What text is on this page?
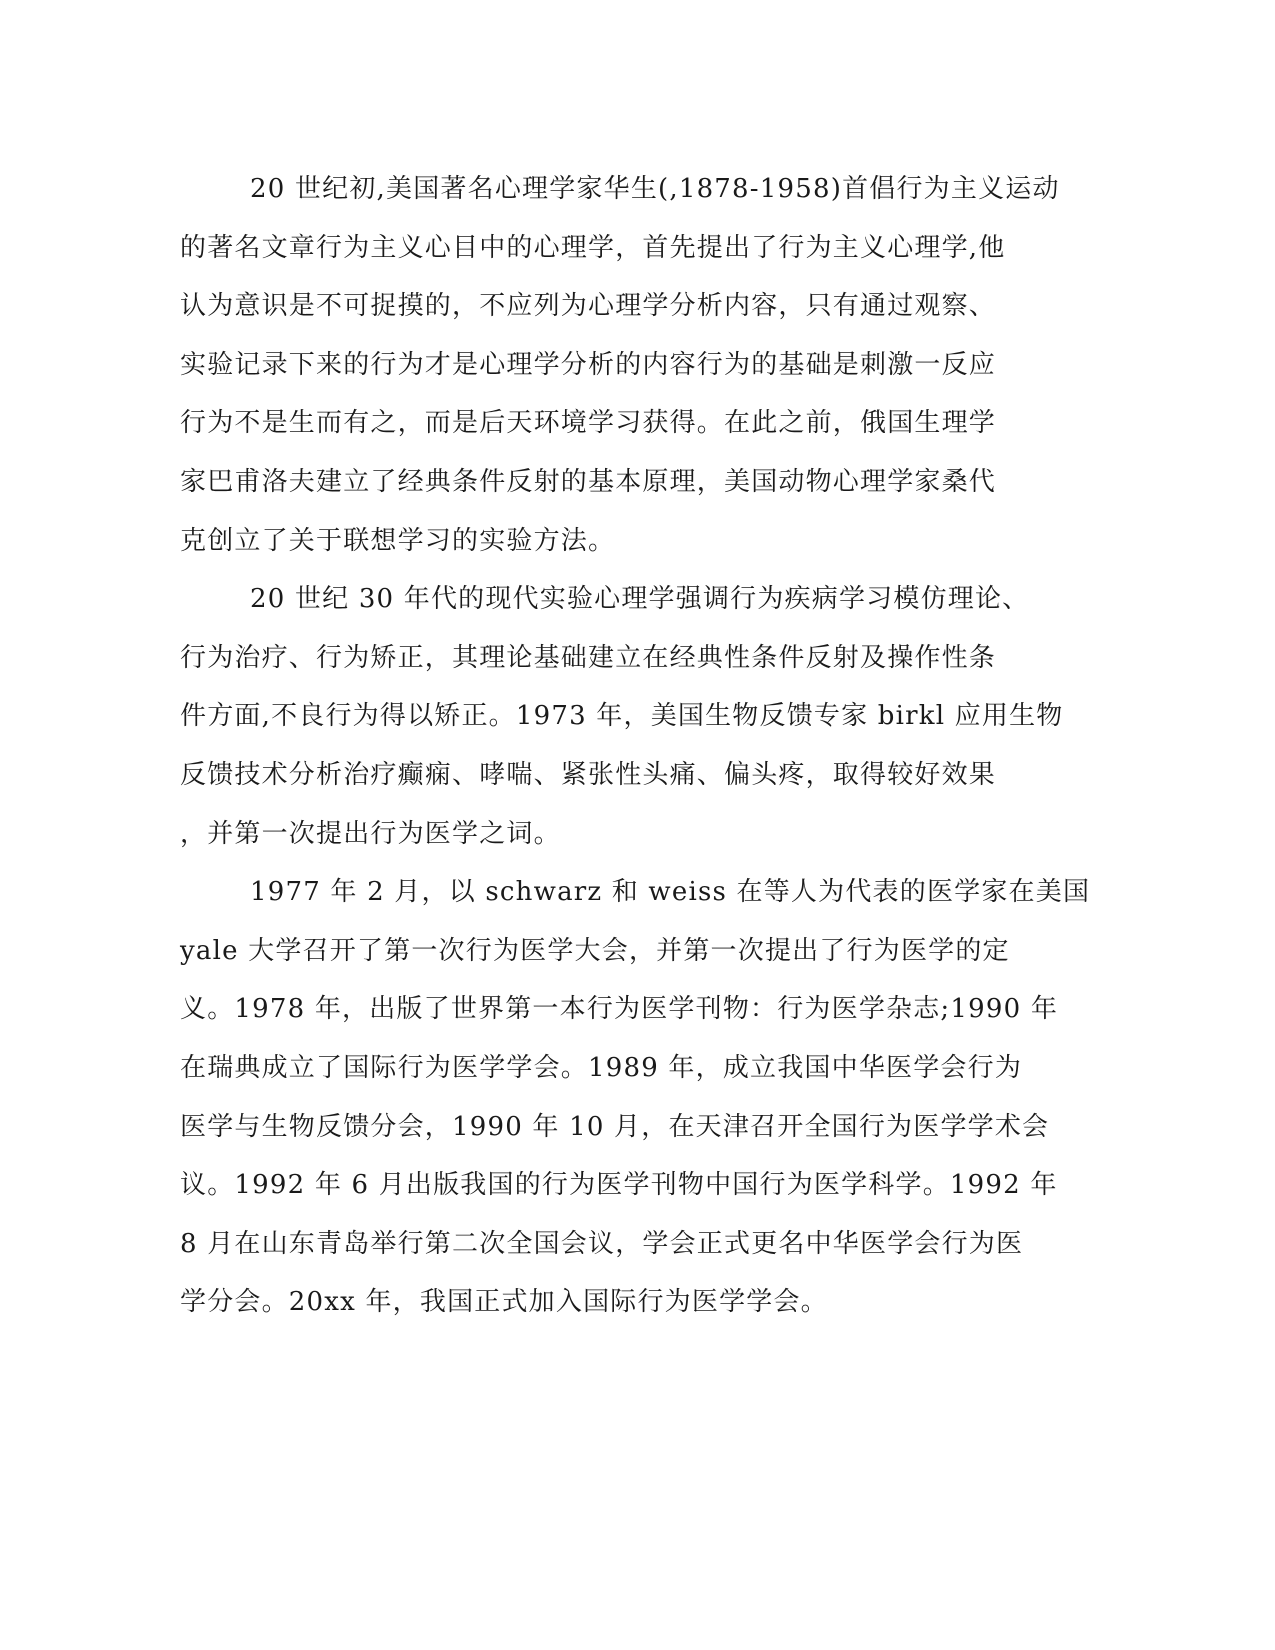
20 世纪初,美国著名心理学家华生(,1878-1958)首倡行为主义运动
的著名文章行为主义心目中的心理学，首先提出了行为主义心理学,他
认为意识是不可捉摸的，不应列为心理学分析内容，只有通过观察、
实验记录下来的行为才是心理学分析的内容行为的基础是刺激一反应
行为不是生而有之，而是后天环境学习获得。在此之前，俄国生理学
家巴甫洛夫建立了经典条件反射的基本原理，美国动物心理学家桑代
克创立了关于联想学习的实验方法。
20 世纪 30 年代的现代实验心理学强调行为疾病学习模仿理论、
行为治疗、行为矫正，其理论基础建立在经典性条件反射及操作性条
件方面,不良行为得以矫正。1973 年，美国生物反馈专家 birkl 应用生物
反馈技术分析治疗癫痫、哮喘、紧张性头痛、偏头疼，取得较好效果
，并第一次提出行为医学之词。
1977 年 2 月，以 schwarz 和 weiss 在等人为代表的医学家在美国
yale 大学召开了第一次行为医学大会，并第一次提出了行为医学的定
义。1978 年，出版了世界第一本行为医学刊物：行为医学杂志;1990 年
在瑞典成立了国际行为医学学会。1989 年，成立我国中华医学会行为
医学与生物反馈分会，1990 年 10 月，在天津召开全国行为医学学术会
议。1992 年 6 月出版我国的行为医学刊物中国行为医学科学。1992 年
8 月在山东青岛举行第二次全国会议，学会正式更名中华医学会行为医
学分会。20xx 年，我国正式加入国际行为医学学会。
